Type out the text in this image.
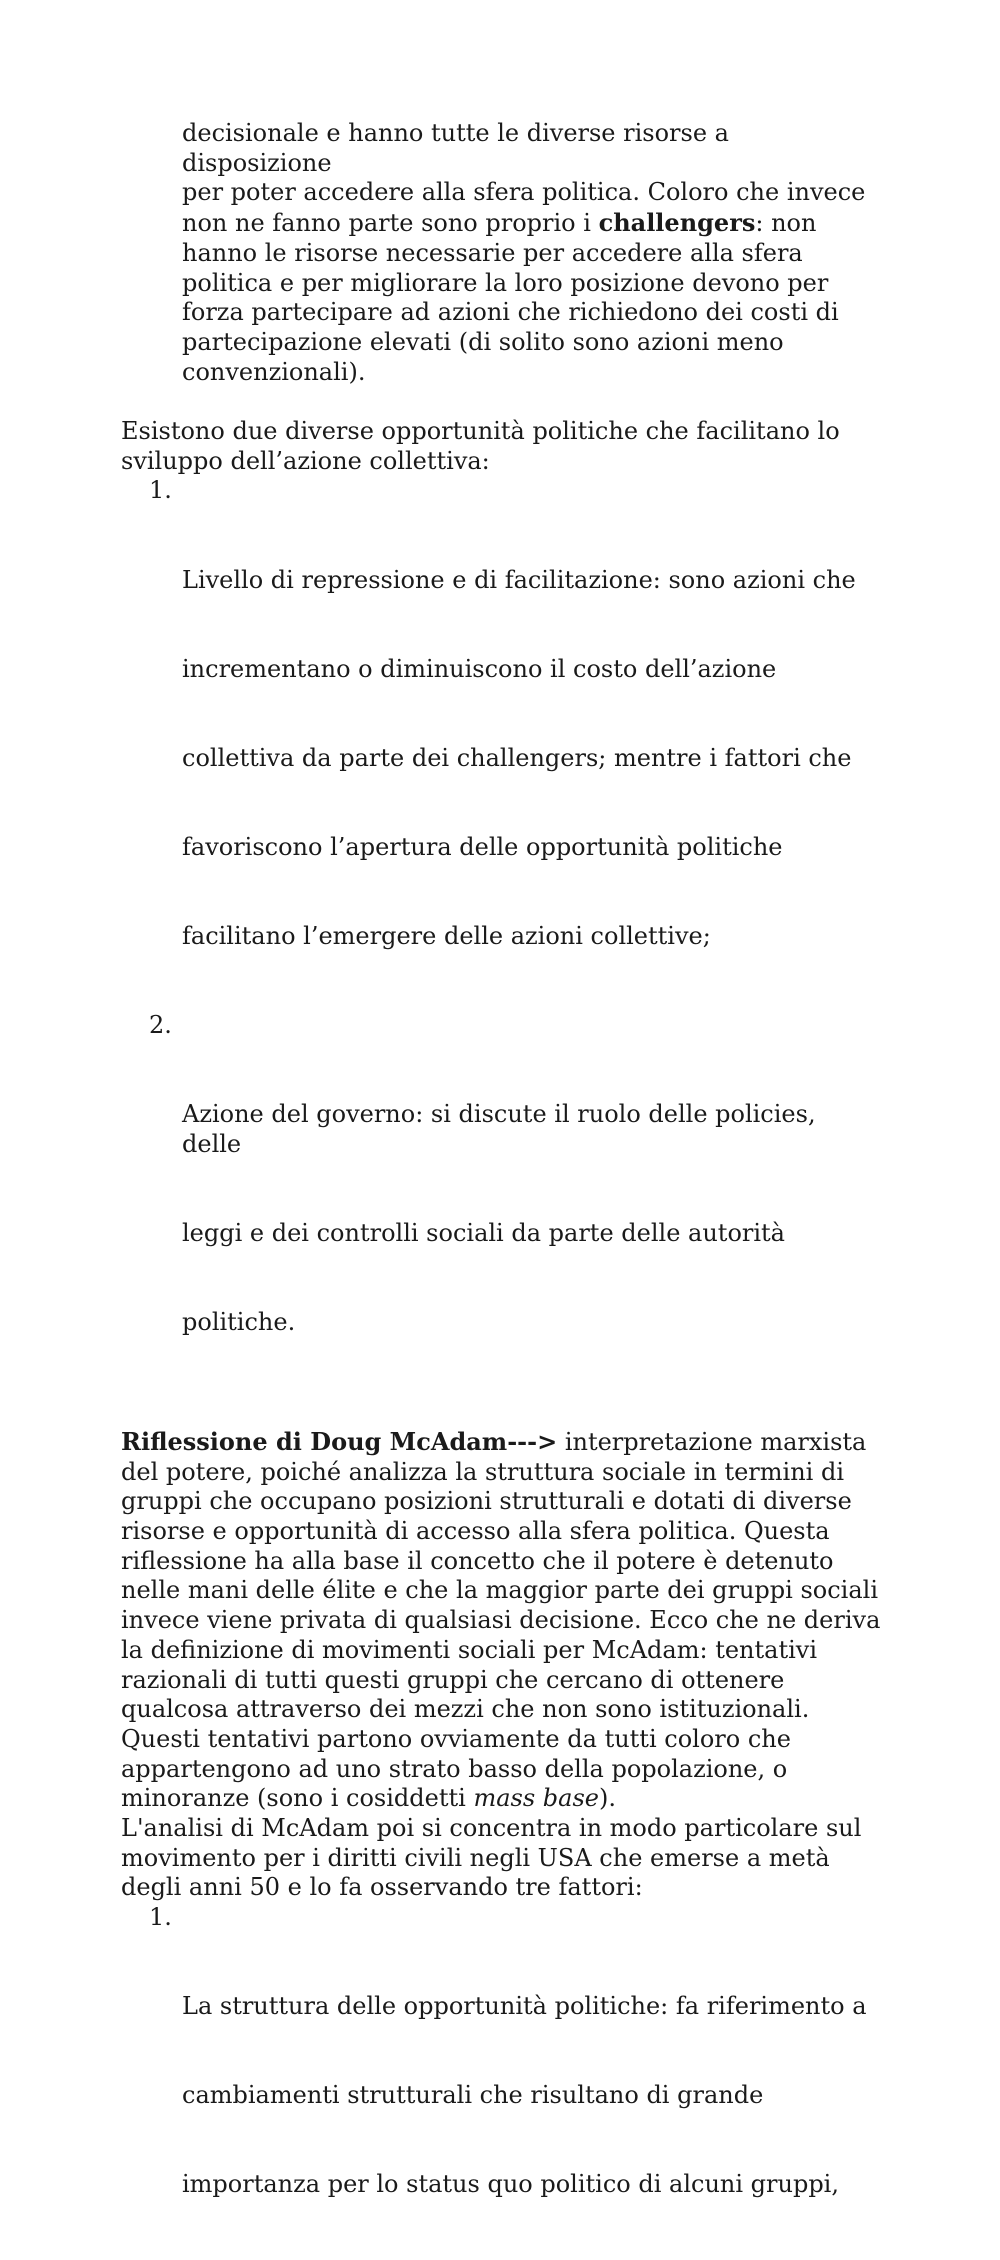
decisionale e hanno tutte le diverse risorse a disposizione

per poter accedere alla sfera politica. Coloro che invece

non ne fanno parte sono proprio i challengers: non

hanno le risorse necessarie per accedere alla sfera

politica e per migliorare la loro posizione devono per

forza partecipare ad azioni che richiedono dei costi di

partecipazione elevati (di solito sono azioni meno

convenzionali).

Esistono due diverse opportunità politiche che facilitano lo

sviluppo dell’azione collettiva:

1.

Livello di repressione e di facilitazione: sono azioni che

incrementano o diminuiscono il costo dell’azione

collettiva da parte dei challengers; mentre i fattori che

favoriscono l’apertura delle opportunità politiche

facilitano l’emergere delle azioni collettive;

2.

Azione del governo: si discute il ruolo delle policies, delle

leggi e dei controlli sociali da parte delle autorità

politiche.

Riflessione di Doug McAdam---> interpretazione marxista

del potere, poiché analizza la struttura sociale in termini di

gruppi che occupano posizioni strutturali e dotati di diverse

risorse e opportunità di accesso alla sfera politica. Questa

riflessione ha alla base il concetto che il potere è detenuto

nelle mani delle élite e che la maggior parte dei gruppi sociali

invece viene privata di qualsiasi decisione. Ecco che ne deriva

la definizione di movimenti sociali per McAdam: tentativi

razionali di tutti questi gruppi che cercano di ottenere

qualcosa attraverso dei mezzi che non sono istituzionali.

Questi tentativi partono ovviamente da tutti coloro che

appartengono ad uno strato basso della popolazione, o

minoranze (sono i cosiddetti mass base).

L'analisi di McAdam poi si concentra in modo particolare sul

movimento per i diritti civili negli USA che emerse a metà

degli anni 50 e lo fa osservando tre fattori:

1.

La struttura delle opportunità politiche: fa riferimento a

cambiamenti strutturali che risultano di grande

importanza per lo status quo politico di alcuni gruppi,
